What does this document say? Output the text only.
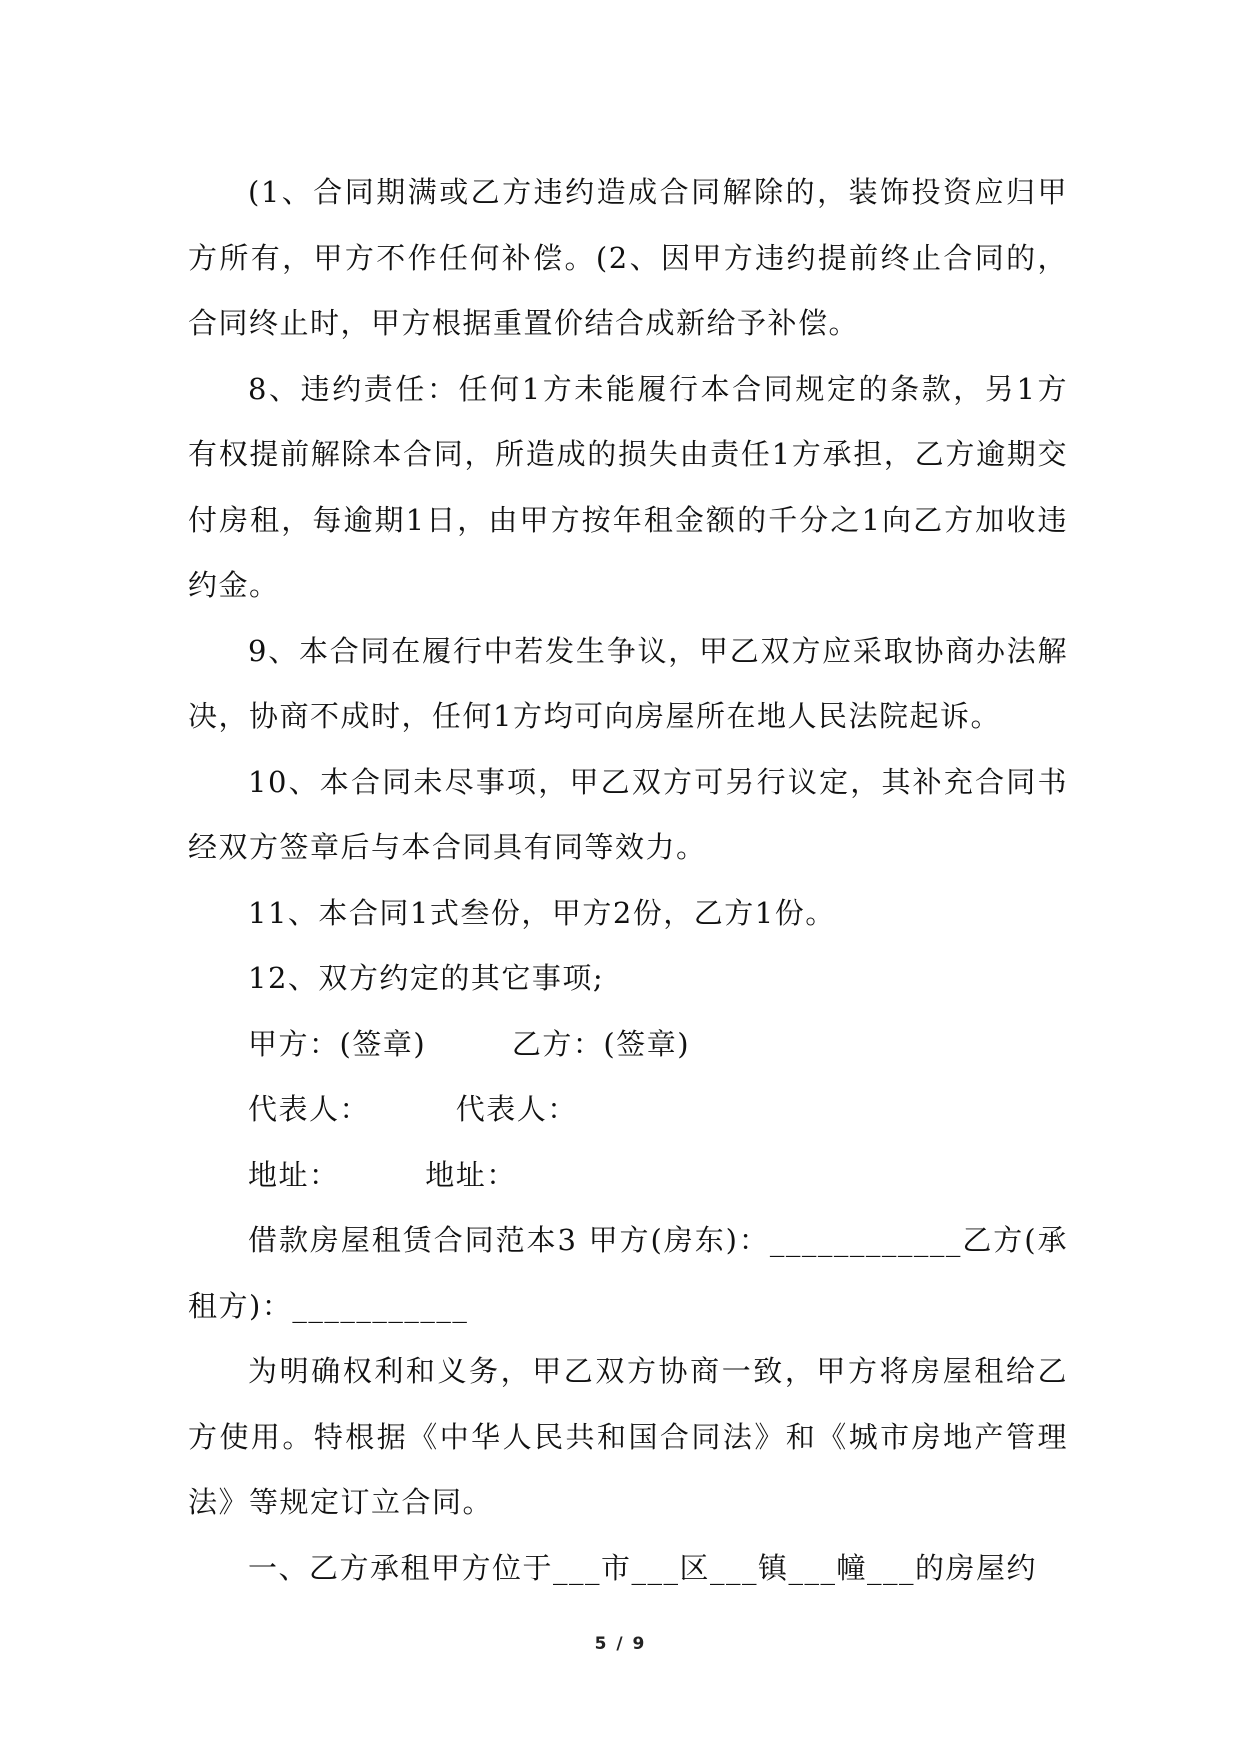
(1、合同期满或乙方违约造成合同解除的，装饰投资应归甲方所有，甲方不作任何补偿。(2、因甲方违约提前终止合同的，合同终止时，甲方根据重置价结合成新给予补偿。

8、违约责任：任何1方未能履行本合同规定的条款，另1方有权提前解除本合同，所造成的损失由责任1方承担，乙方逾期交付房租，每逾期1日，由甲方按年租金额的千分之1向乙方加收违约金。

9、本合同在履行中若发生争议，甲乙双方应采取协商办法解决，协商不成时，任何1方均可向房屋所在地人民法院起诉。

10、本合同未尽事项，甲乙双方可另行议定，其补充合同书经双方签章后与本合同具有同等效力。

11、本合同1式叁份，甲方2份，乙方1份。

12、双方约定的其它事项;

甲方：(签章)        乙方：(签章)

代表人：        代表人：

地址：        地址：

借款房屋租赁合同范本3 甲方(房东)：____________乙方(承租方)：___________

为明确权利和义务，甲乙双方协商一致，甲方将房屋租给乙方使用。特根据《中华人民共和国合同法》和《城市房地产管理法》等规定订立合同。

一、乙方承租甲方位于___市___区___镇___幢___的房屋约

5 / 9
